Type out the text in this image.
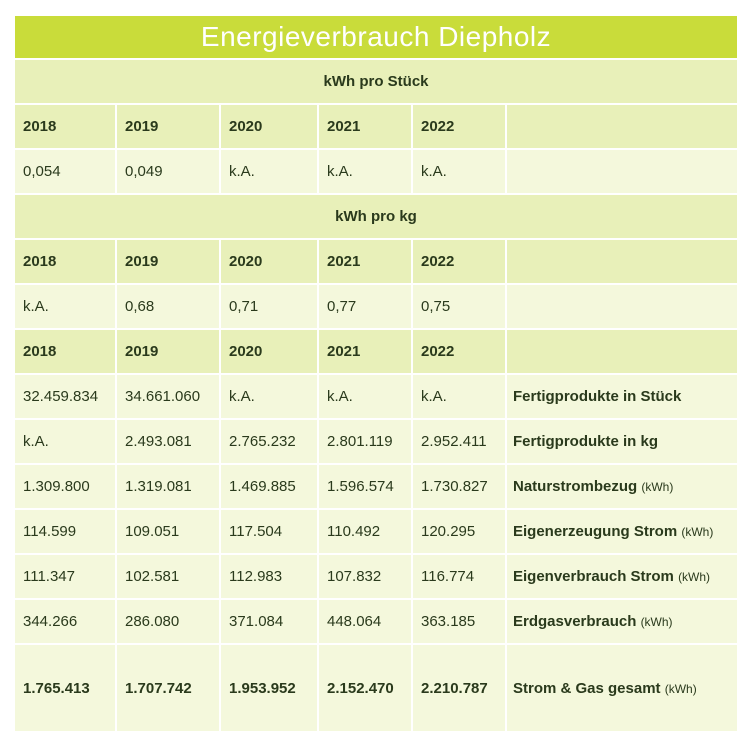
Energieverbrauch Diepholz					
kWh pro Stück					
2018	2019	2020	2021	2022	
0,054	0,049	k.A.	k.A.	k.A.	
kWh pro kg					
2018	2019	2020	2021	2022	
k.A.	0,68	0,71	0,77	0,75	
2018	2019	2020	2021	2022	
32.459.834	34.661.060	k.A.	k.A.	k.A.	Fertigprodukte in Stück
k.A.	2.493.081	2.765.232	2.801.119	2.952.411	Fertigprodukte in kg
1.309.800	1.319.081	1.469.885	1.596.574	1.730.827	Naturstrombezug (kWh)
114.599	109.051	117.504	110.492	120.295	Eigenerzeugung Strom (kWh)
111.347	102.581	112.983	107.832	116.774	Eigenverbrauch Strom (kWh)
344.266	286.080	371.084	448.064	363.185	Erdgasverbrauch (kWh)
1.765.413	1.707.742	1.953.952	2.152.470	2.210.787	Strom & Gas gesamt (kWh)
